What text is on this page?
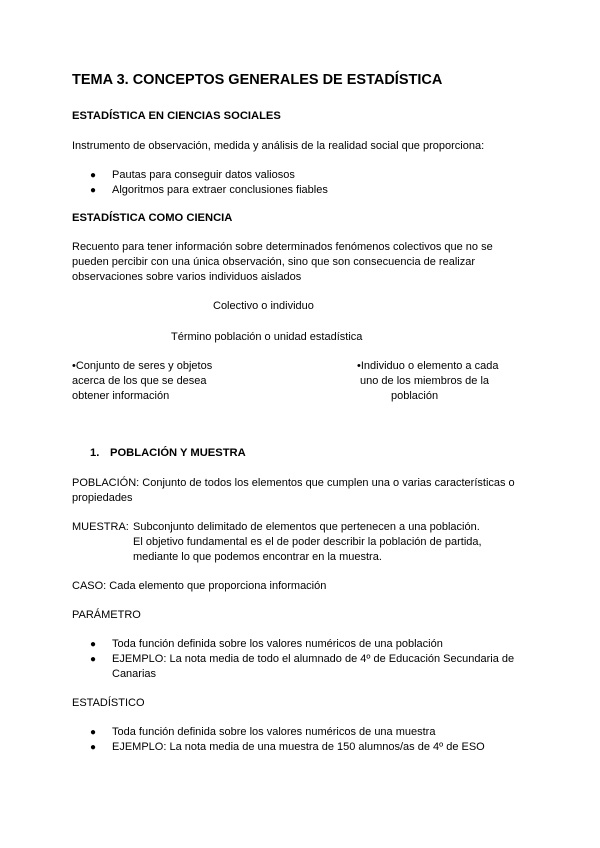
TEMA 3. CONCEPTOS GENERALES DE ESTADÍSTICA
ESTADÍSTICA EN CIENCIAS SOCIALES
Instrumento de observación, medida y análisis de la realidad social que proporciona:
● Pautas para conseguir datos valiosos
● Algoritmos para extraer conclusiones fiables
ESTADÍSTICA COMO CIENCIA
Recuento para tener información sobre determinados fenómenos colectivos que no se
pueden percibir con una única observación, sino que son consecuencia de realizar
observaciones sobre varios individuos aislados
Colectivo o individuo
Término población o unidad estadística
•Conjunto de seres y objetos
acerca de los que se desea
obtener información
•Individuo o elemento a cada
uno de los miembros de la
población
1. POBLACIÓN Y MUESTRA
POBLACIÓN: Conjunto de todos los elementos que cumplen una o varias características o
propiedades
MUESTRA: Subconjunto delimitado de elementos que pertenecen a una población.
El objetivo fundamental es el de poder describir la población de partida,
mediante lo que podemos encontrar en la muestra.
CASO: Cada elemento que proporciona información
PARÁMETRO
● Toda función definida sobre los valores numéricos de una población
● EJEMPLO: La nota media de todo el alumnado de 4º de Educación Secundaria de
Canarias
ESTADÍSTICO
● Toda función definida sobre los valores numéricos de una muestra
● EJEMPLO: La nota media de una muestra de 150 alumnos/as de 4º de ESO
